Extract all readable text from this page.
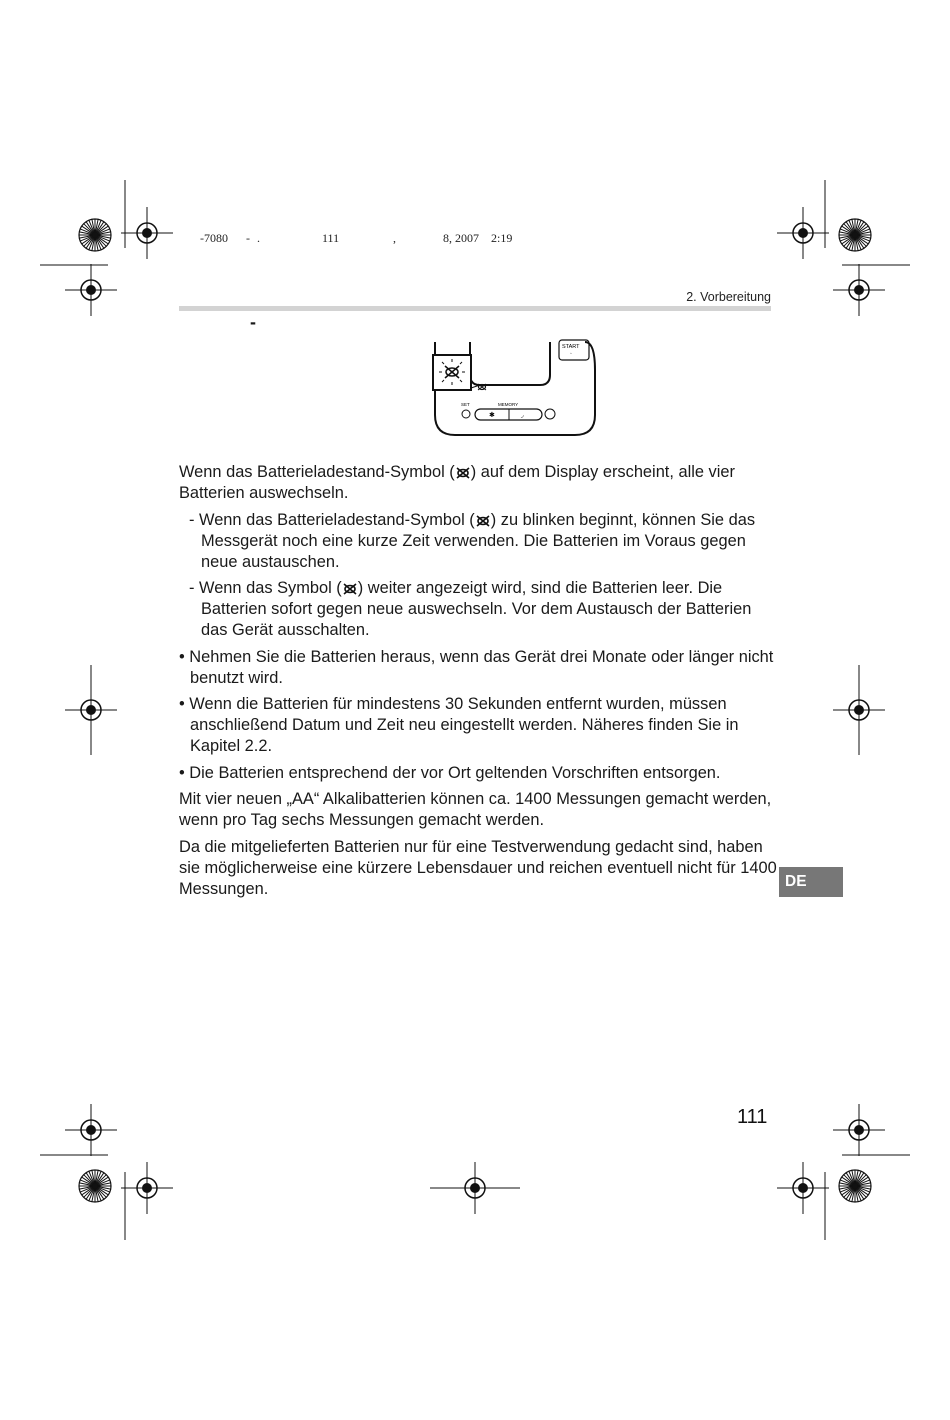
-7080 - .	111	,	8, 2007 2:19
2. Vorbereitung
-
START
◦
SET	MEMORY
✱	◞

Wenn das Batterieladestand-Symbol ( ) auf dem Display erscheint, alle vier Batterien auswechseln.

- Wenn das Batterieladestand-Symbol ( ) zu blinken beginnt, können Sie das Messgerät noch eine kurze Zeit verwenden. Die Batterien im Voraus gegen neue austauschen.

- Wenn das Symbol ( ) weiter angezeigt wird, sind die Batterien leer. Die Batterien sofort gegen neue auswechseln. Vor dem Austausch der Batterien das Gerät ausschalten.

• Nehmen Sie die Batterien heraus, wenn das Gerät drei Monate oder länger nicht benutzt wird.

• Wenn die Batterien für mindestens 30 Sekunden entfernt wurden, müssen anschließend Datum und Zeit neu eingestellt werden. Näheres finden Sie in Kapitel 2.2.

• Die Batterien entsprechend der vor Ort geltenden Vorschriften entsorgen.

Mit vier neuen „AA“ Alkalibatterien können ca. 1400 Messungen gemacht werden, wenn pro Tag sechs Messungen gemacht werden.

Da die mitgelieferten Batterien nur für eine Testverwendung gedacht sind, haben sie möglicherweise eine kürzere Lebensdauer und reichen eventuell nicht für 1400 Messungen.	DE
111
